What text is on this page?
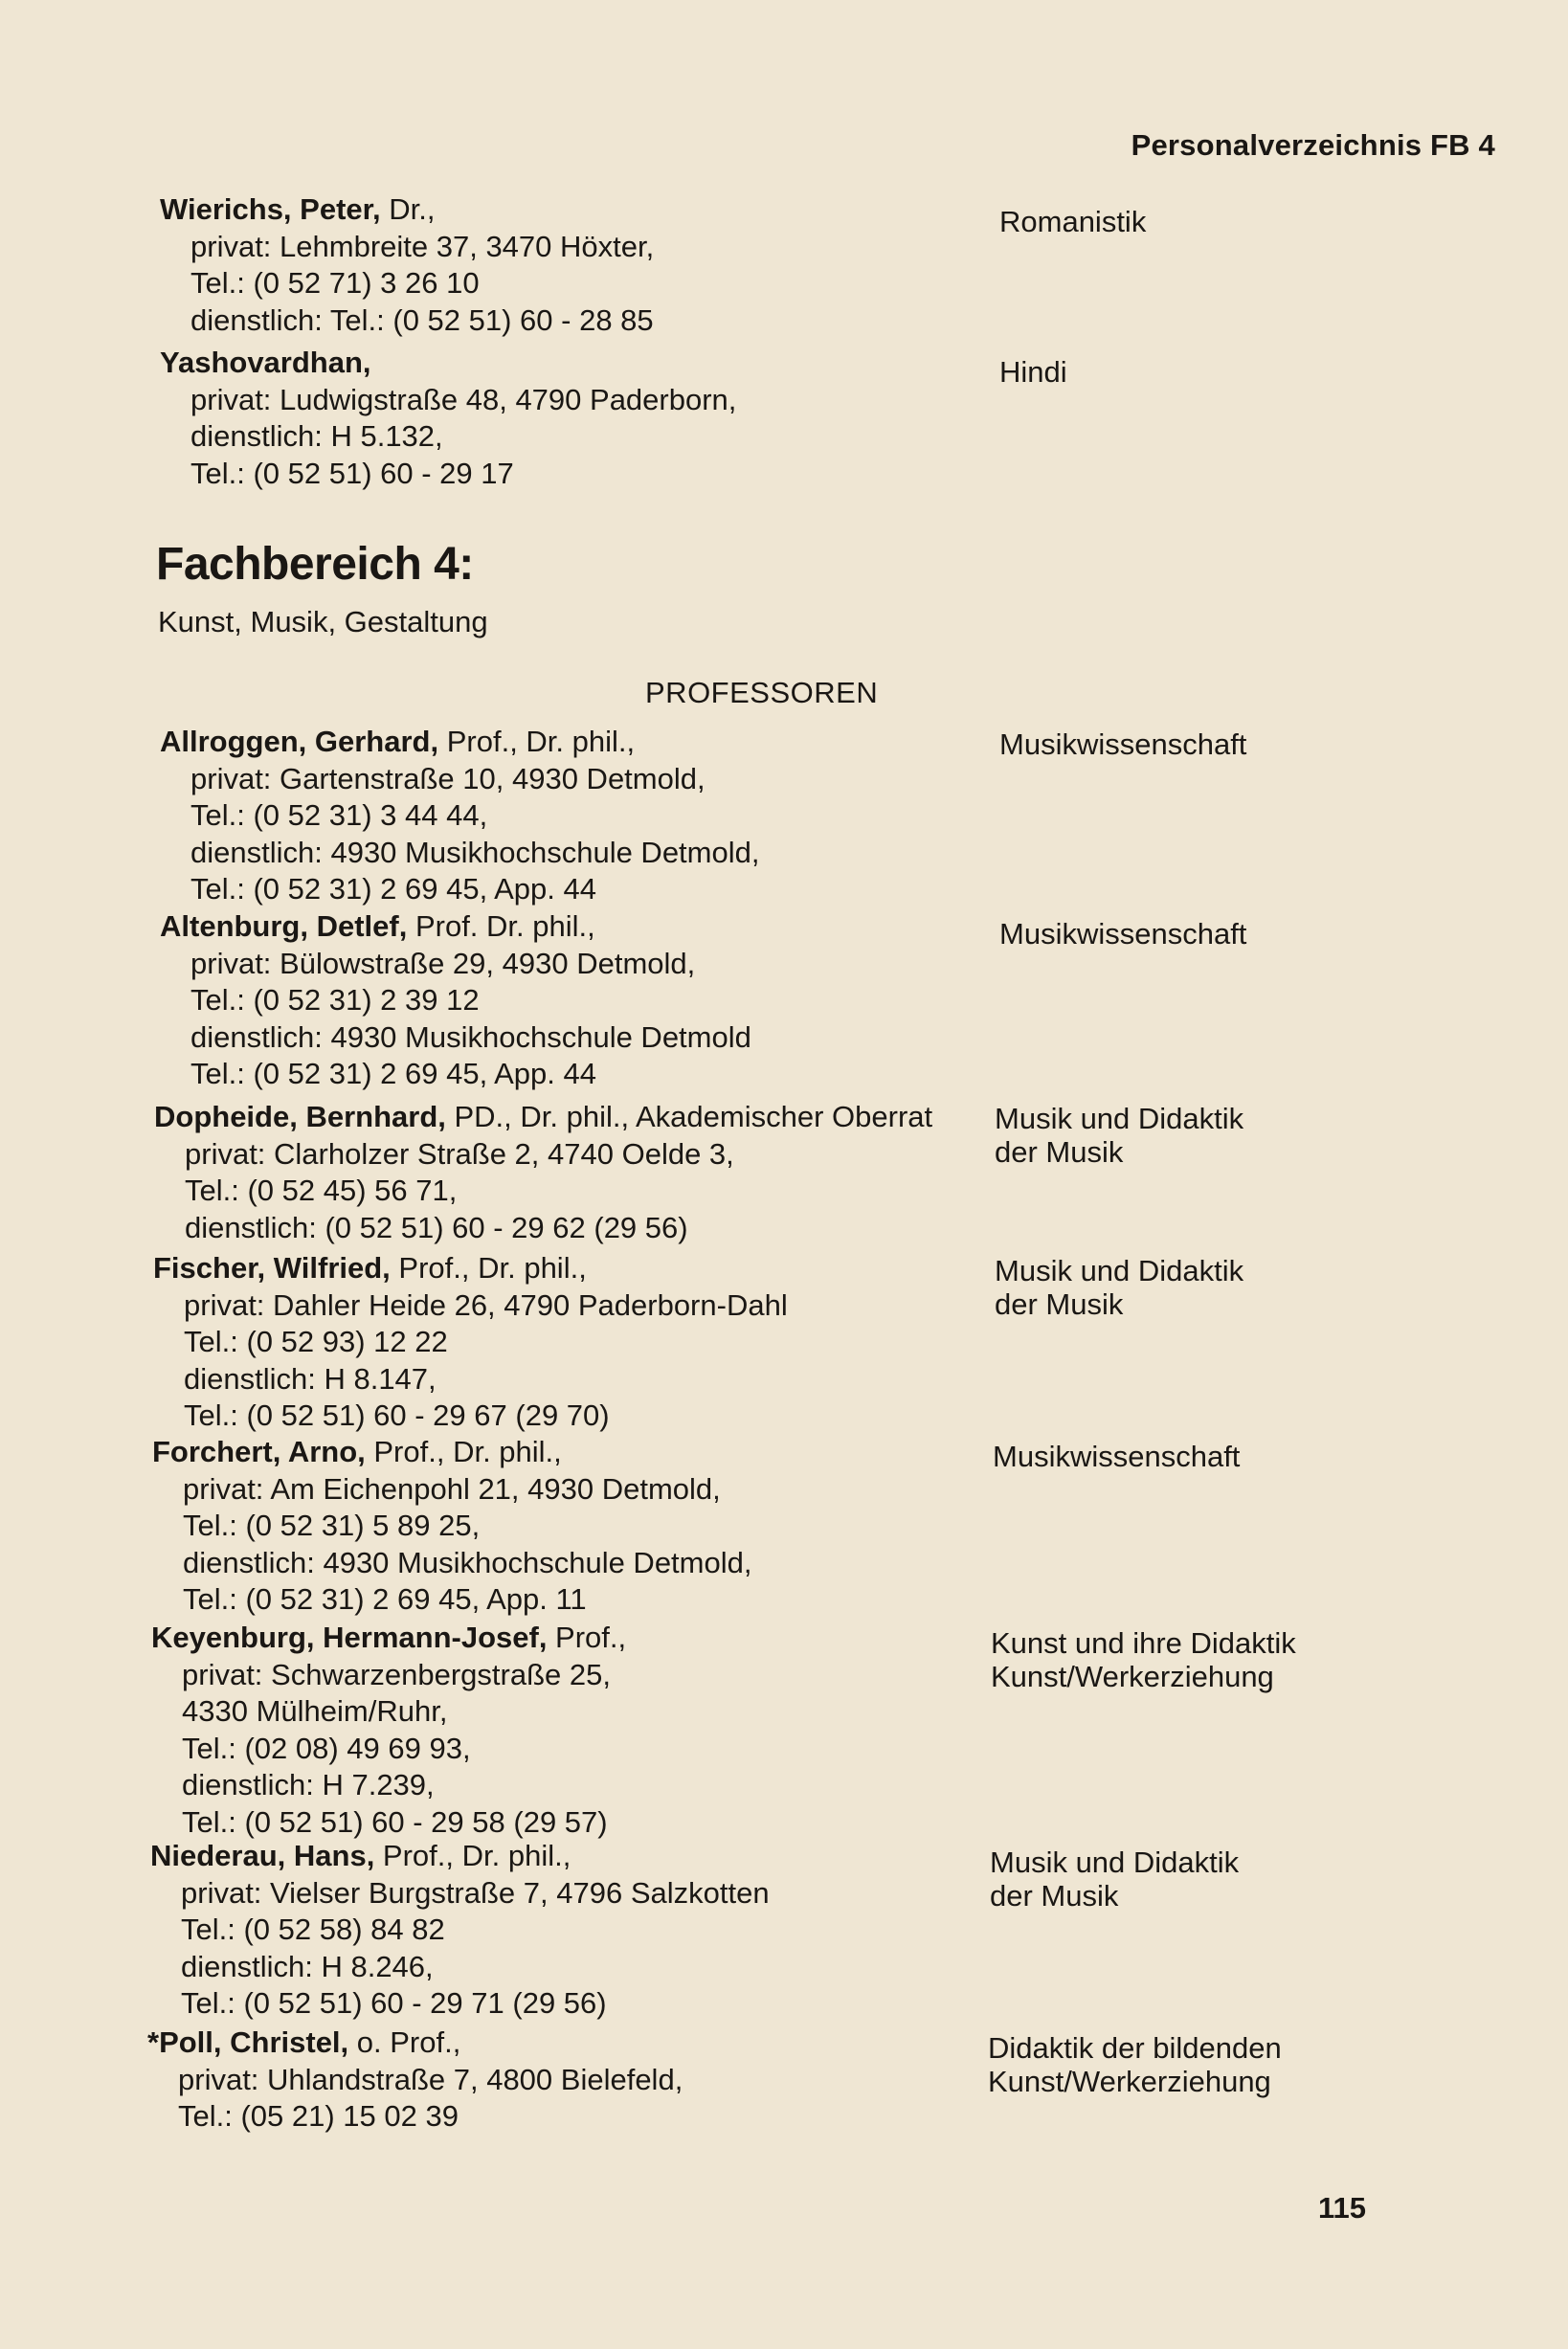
Personalverzeichnis FB 4
Wierichs, Peter, Dr.,
privat: Lehmbreite 37, 3470 Höxter,
Tel.: (0 52 71) 3 26 10
dienstlich: Tel.: (0 52 51) 60 - 28 85
Romanistik
Yashovardhan,
privat: Ludwigstraße 48, 4790 Paderborn,
dienstlich: H 5.132,
Tel.: (0 52 51) 60 - 29 17
Hindi
Fachbereich 4:
Kunst, Musik, Gestaltung
PROFESSOREN
Allroggen, Gerhard, Prof., Dr. phil.,
privat: Gartenstraße 10, 4930 Detmold,
Tel.: (0 52 31) 3 44 44,
dienstlich: 4930 Musikhochschule Detmold,
Tel.: (0 52 31) 2 69 45, App. 44
Musikwissenschaft
Altenburg, Detlef, Prof. Dr. phil.,
privat: Bülowstraße 29, 4930 Detmold,
Tel.: (0 52 31) 2 39 12
dienstlich: 4930 Musikhochschule Detmold
Tel.: (0 52 31) 2 69 45, App. 44
Musikwissenschaft
Dopheide, Bernhard, PD., Dr. phil., Akademischer Oberrat
privat: Clarholzer Straße 2, 4740 Oelde 3,
Tel.: (0 52 45) 56 71,
dienstlich: (0 52 51) 60 - 29 62 (29 56)
Musik und Didaktik
der Musik
Fischer, Wilfried, Prof., Dr. phil.,
privat: Dahler Heide 26, 4790 Paderborn-Dahl
Tel.: (0 52 93) 12 22
dienstlich: H 8.147,
Tel.: (0 52 51) 60 - 29 67 (29 70)
Musik und Didaktik
der Musik
Forchert, Arno, Prof., Dr. phil.,
privat: Am Eichenpohl 21, 4930 Detmold,
Tel.: (0 52 31) 5 89 25,
dienstlich: 4930 Musikhochschule Detmold,
Tel.: (0 52 31) 2 69 45, App. 11
Musikwissenschaft
Keyenburg, Hermann-Josef, Prof.,
privat: Schwarzenbergstraße 25,
4330 Mülheim/Ruhr,
Tel.: (02 08) 49 69 93,
dienstlich: H 7.239,
Tel.: (0 52 51) 60 - 29 58 (29 57)
Kunst und ihre Didaktik
Kunst/Werkerziehung
Niederau, Hans, Prof., Dr. phil.,
privat: Vielser Burgstraße 7, 4796 Salzkotten
Tel.: (0 52 58) 84 82
dienstlich: H 8.246,
Tel.: (0 52 51) 60 - 29 71 (29 56)
Musik und Didaktik
der Musik
*Poll, Christel, o. Prof.,
privat: Uhlandstraße 7, 4800 Bielefeld,
Tel.: (05 21) 15 02 39
Didaktik der bildenden
Kunst/Werkerziehung
115
